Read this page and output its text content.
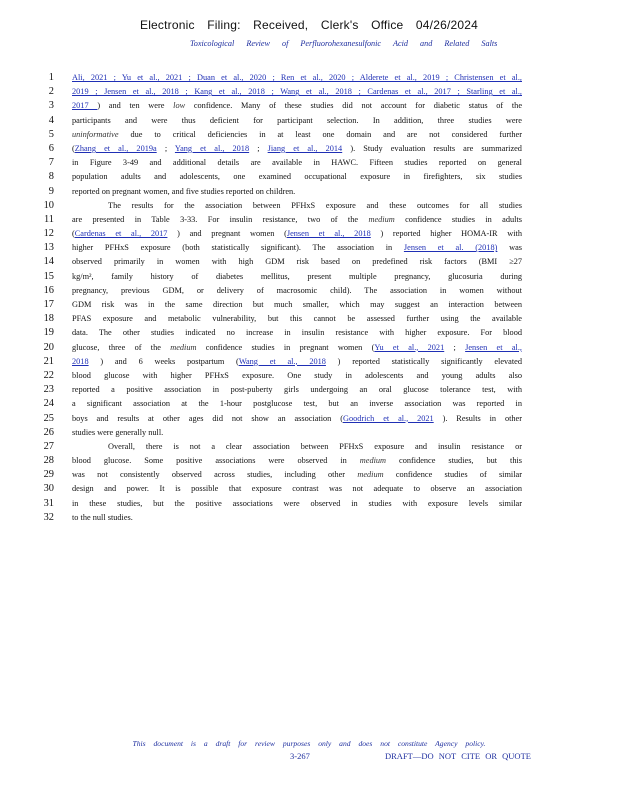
Electronic Filing: Received, Clerk's Office 04/26/2024
Toxicological Review of Perfluorohexanesulfonic Acid and Related Salts
1 Ali, 2021 ; Yu et al., 2021 ; Duan et al., 2020 ; Ren et al., 2020 ; Alderete et al., 2019 ; Christensen et al.,
2 2019 ; Jensen et al., 2018 ; Kang et al., 2018 ; Wang et al., 2018 ; Cardenas et al., 2017 ; Starling et al.,
3 2017 ) and ten were low confidence. Many of these studies did not account for diabetic status of the
4 participants and were thus deficient for participant selection. In addition, three studies were
5 uninformative due to critical deficiencies in at least one domain and are not considered further
6 (Zhang et al., 2019a ; Yang et al., 2018 ; Jiang et al., 2014 ). Study evaluation results are summarized
7 in Figure 3-49 and additional details are available in HAWC. Fifteen studies reported on general
8 population adults and adolescents, one examined occupational exposure in firefighters, six studies
9 reported on pregnant women, and five studies reported on children.
10	The results for the association between PFHxS exposure and these outcomes for all studies
11 are presented in Table 3-33. For insulin resistance, two of the medium confidence studies in adults
12 (Cardenas et al., 2017 ) and pregnant women (Jensen et al., 2018 ) reported higher HOMA-IR with
13 higher PFHxS exposure (both statistically significant). The association in Jensen et al. (2018) was
14 observed primarily in women with high GDM risk based on predefined risk factors (BMI ≥27
15 kg/m², family history of diabetes mellitus, present multiple pregnancy, glucosuria during
16 pregnancy, previous GDM, or delivery of macrosomic child). The association in women without
17 GDM risk was in the same direction but much smaller, which may suggest an interaction between
18 PFAS exposure and metabolic vulnerability, but this cannot be assessed further using the available
19 data. The other studies indicated no increase in insulin resistance with higher exposure. For blood
20 glucose, three of the medium confidence studies in pregnant women (Yu et al., 2021 ; Jensen et al.,
21 2018 ) and 6 weeks postpartum (Wang et al., 2018 ) reported statistically significantly elevated
22 blood glucose with higher PFHxS exposure. One study in adolescents and young adults also
23 reported a positive association in post-puberty girls undergoing an oral glucose tolerance test, with
24 a significant association at the 1-hour postglucose test, but an inverse association was reported in
25 boys and results at other ages did not show an association (Goodrich et al., 2021 ). Results in other
26 studies were generally null.
27	Overall, there is not a clear association between PFHxS exposure and insulin resistance or
28 blood glucose. Some positive associations were observed in medium confidence studies, but this
29 was not consistently observed across studies, including other medium confidence studies of similar
30 design and power. It is possible that exposure contrast was not adequate to observe an association
31 in these studies, but the positive associations were observed in studies with exposure levels similar
32 to the null studies.
This document is a draft for review purposes only and does not constitute Agency policy.
3-267	DRAFT—DO NOT CITE OR QUOTE
